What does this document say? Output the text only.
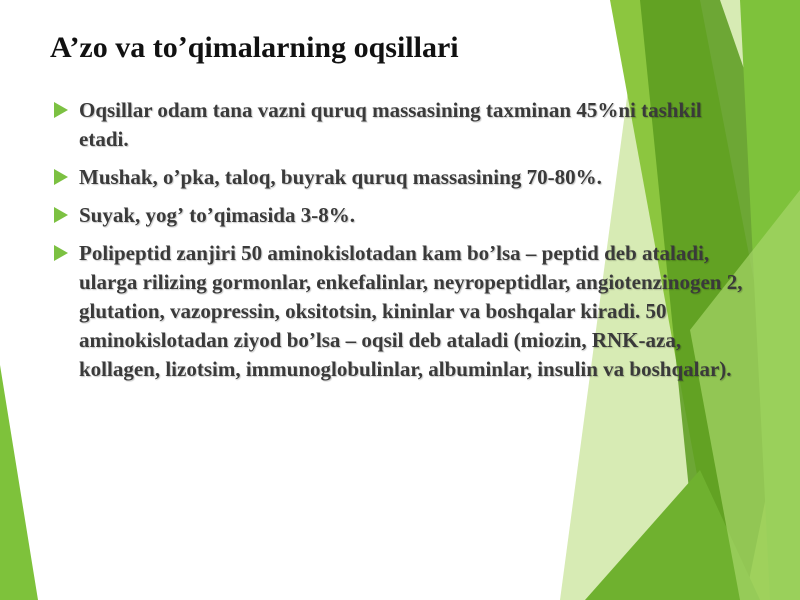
A’zo va toʼqimalarning oqsillari
Oqsillar odam tana vazni quruq massasining taxminan 45%ni tashkil etadi.
Mushak, oʼpka, taloq, buyrak quruq massasining 70-80%.
Suyak, yogʼ toʼqimasida 3-8%.
Polipeptid zanjiri 50 aminokislotadan kam boʼlsa – peptid deb ataladi, ularga rilizing gormonlar, enkefalinlar, neyropeptidlar, angiotenzinogen 2, glutation, vazopressin, oksitotsin, kininlar va boshqalar kiradi. 50 aminokislotadan ziyod boʼlsa – oqsil deb ataladi (miozin, RNK-aza, kollagen, lizotsim, immunoglobulinlar, albuminlar, insulin va boshqalar).
